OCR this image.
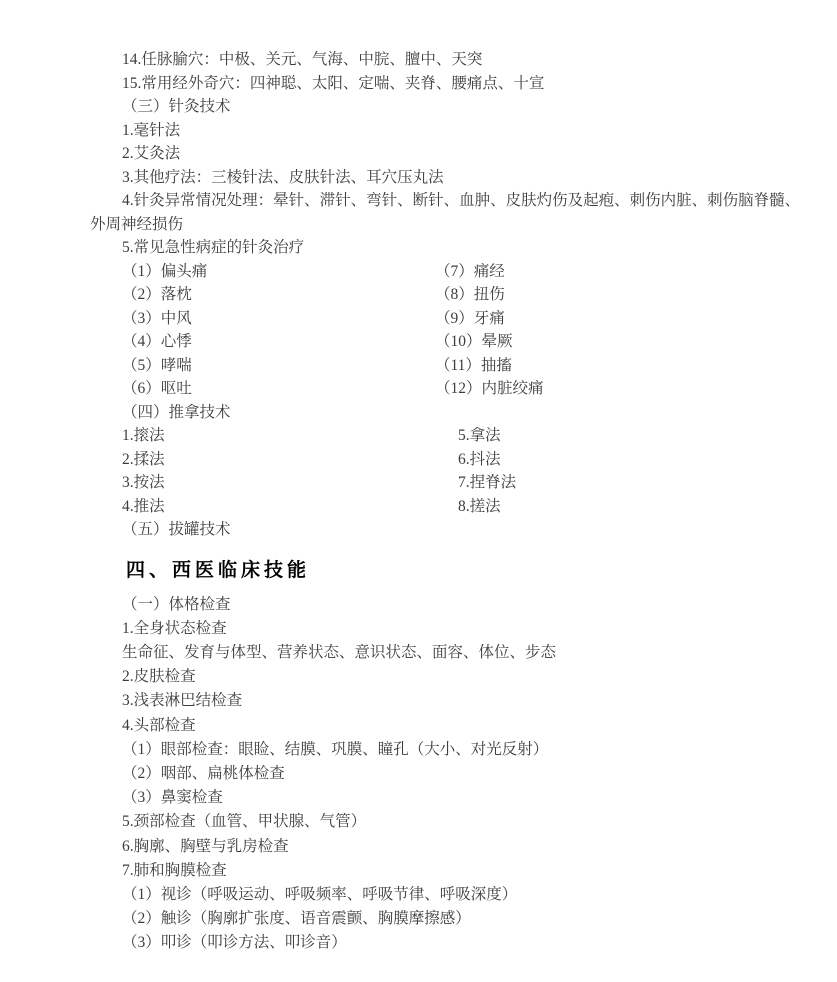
14.任脉腧穴：中极、关元、气海、中脘、膻中、天突

15.常用经外奇穴：四神聪、太阳、定喘、夹脊、腰痛点、十宣

（三）针灸技术

1.毫针法

2.艾灸法

3.其他疗法：三棱针法、皮肤针法、耳穴压丸法

4.针灸异常情况处理：晕针、滞针、弯针、断针、血肿、皮肤灼伤及起疱、刺伤内脏、刺伤脑脊髓、

外周神经损伤

5.常见急性病症的针灸治疗

（1）偏头痛	（7）痛经

（2）落枕	（8）扭伤

（3）中风	（9）牙痛

（4）心悸	（10）晕厥

（5）哮喘	（11）抽搐

（6）呕吐	（12）内脏绞痛

（四）推拿技术

1.㨰法	5.拿法

2.揉法	6.抖法

3.按法	7.捏脊法

4.推法	8.搓法

（五）拔罐技术

四、西医临床技能

（一）体格检查

1.全身状态检查

生命征、发育与体型、营养状态、意识状态、面容、体位、步态

2.皮肤检查

3.浅表淋巴结检查

4.头部检查

（1）眼部检查：眼睑、结膜、巩膜、瞳孔（大小、对光反射）

（2）咽部、扁桃体检查

（3）鼻窦检查

5.颈部检查（血管、甲状腺、气管）

6.胸廓、胸壁与乳房检查

7.肺和胸膜检查

（1）视诊（呼吸运动、呼吸频率、呼吸节律、呼吸深度）

（2）触诊（胸廓扩张度、语音震颤、胸膜摩擦感）

（3）叩诊（叩诊方法、叩诊音）
